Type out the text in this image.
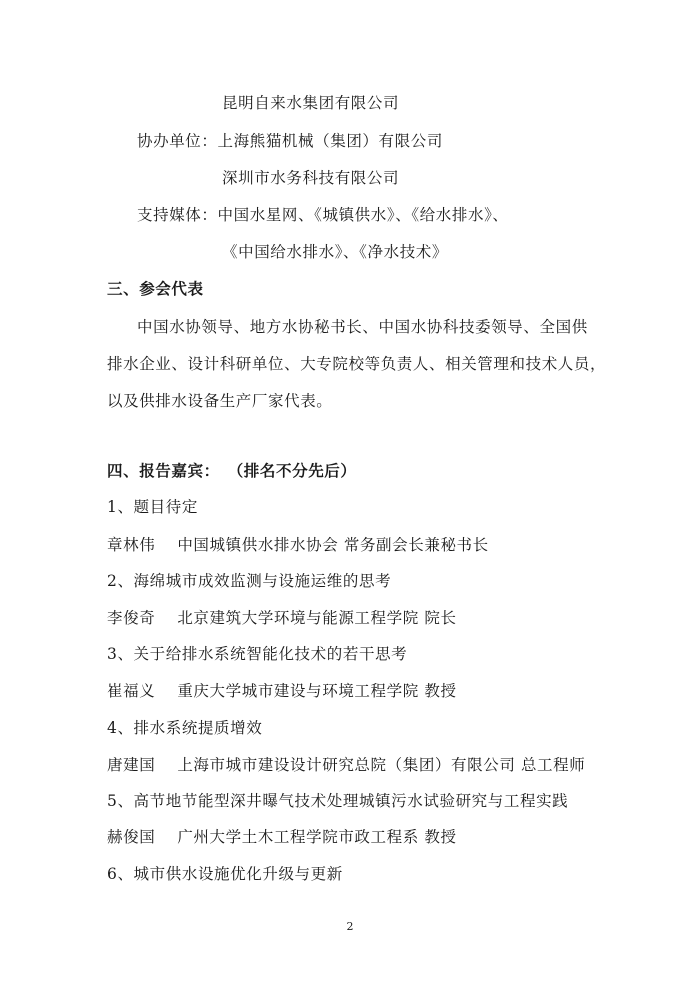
昆明自来水集团有限公司
协办单位：上海熊猫机械（集团）有限公司
深圳市水务科技有限公司
支持媒体：中国水星网、《城镇供水》、《给水排水》、
《中国给水排水》、《净水技术》
三、参会代表
中国水协领导、地方水协秘书长、中国水协科技委领导、全国供
排水企业、设计科研单位、大专院校等负责人、相关管理和技术人员，
以及供排水设备生产厂家代表。
四、报告嘉宾： （排名不分先后）
1、题目待定
章林伟 中国城镇供水排水协会 常务副会长兼秘书长
2、海绵城市成效监测与设施运维的思考
李俊奇 北京建筑大学环境与能源工程学院 院长
3、关于给排水系统智能化技术的若干思考
崔福义 重庆大学城市建设与环境工程学院 教授
4、排水系统提质增效
唐建国 上海市城市建设设计研究总院（集团）有限公司 总工程师
5、高节地节能型深井曝气技术处理城镇污水试验研究与工程实践
赫俊国 广州大学土木工程学院市政工程系 教授
6、城市供水设施优化升级与更新
2
